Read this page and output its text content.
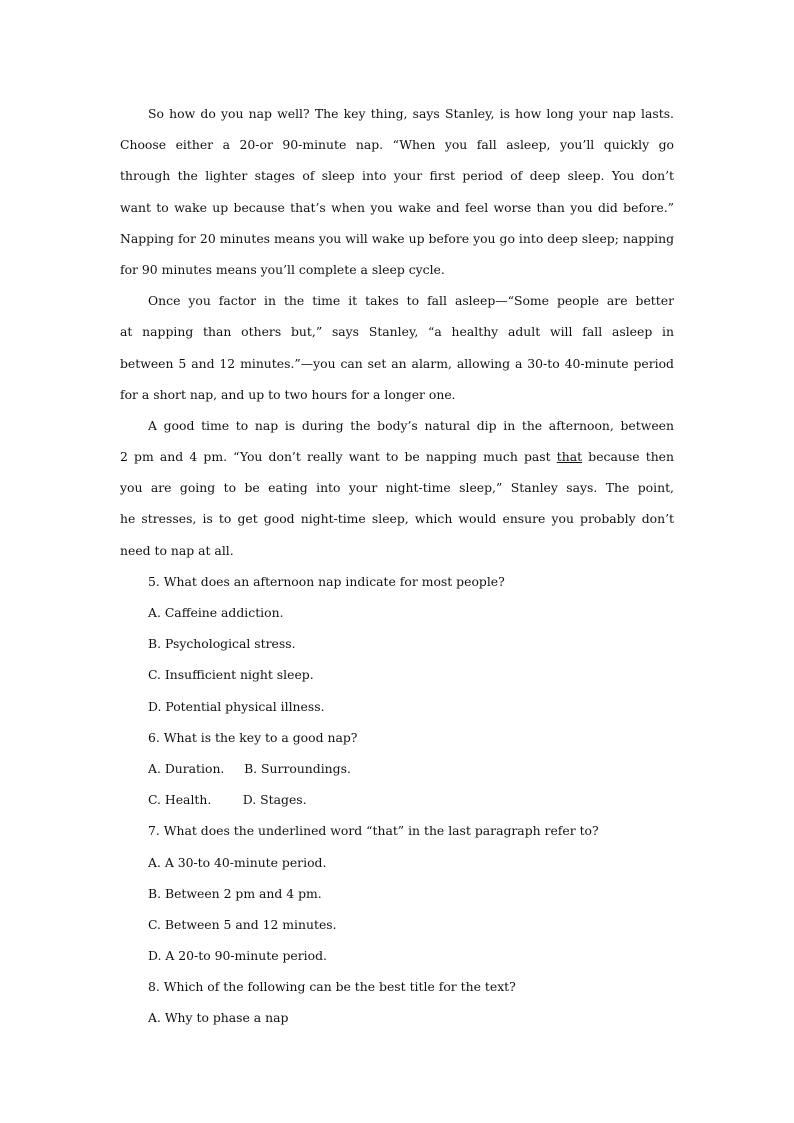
So how do you nap well? The key thing, says Stanley, is how long your nap lasts.

Choose either a 20-or 90-minute nap. “When you fall asleep, you’ll quickly go

through the lighter stages of sleep into your first period of deep sleep. You don’t

want to wake up because that’s when you wake and feel worse than you did before.”

Napping for 20 minutes means you will wake up before you go into deep sleep; napping

for 90 minutes means you’ll complete a sleep cycle.

Once you factor in the time it takes to fall asleep—“Some people are better

at napping than others but,” says Stanley, “a healthy adult will fall asleep in

between 5 and 12 minutes.”—you can set an alarm, allowing a 30-to 40-minute period

for a short nap, and up to two hours for a longer one.

A good time to nap is during the body’s natural dip in the afternoon, between

2 pm and 4 pm. “You don’t really want to be napping much past that because then

you are going to be eating into your night-time sleep,” Stanley says. The point,

he stresses, is to get good night-time sleep, which would ensure you probably don’t

need to nap at all.

5. What does an afternoon nap indicate for most people?

A. Caffeine addiction.

B. Psychological stress.

C. Insufficient night sleep.

D. Potential physical illness.

6. What is the key to a good nap?

A. Duration.     B. Surroundings.

C. Health.        D. Stages.

7. What does the underlined word “that” in the last paragraph refer to?

A. A 30-to 40-minute period.

B. Between 2 pm and 4 pm.

C. Between 5 and 12 minutes.

D. A 20-to 90-minute period.

8. Which of the following can be the best title for the text?

A. Why to phase a nap
